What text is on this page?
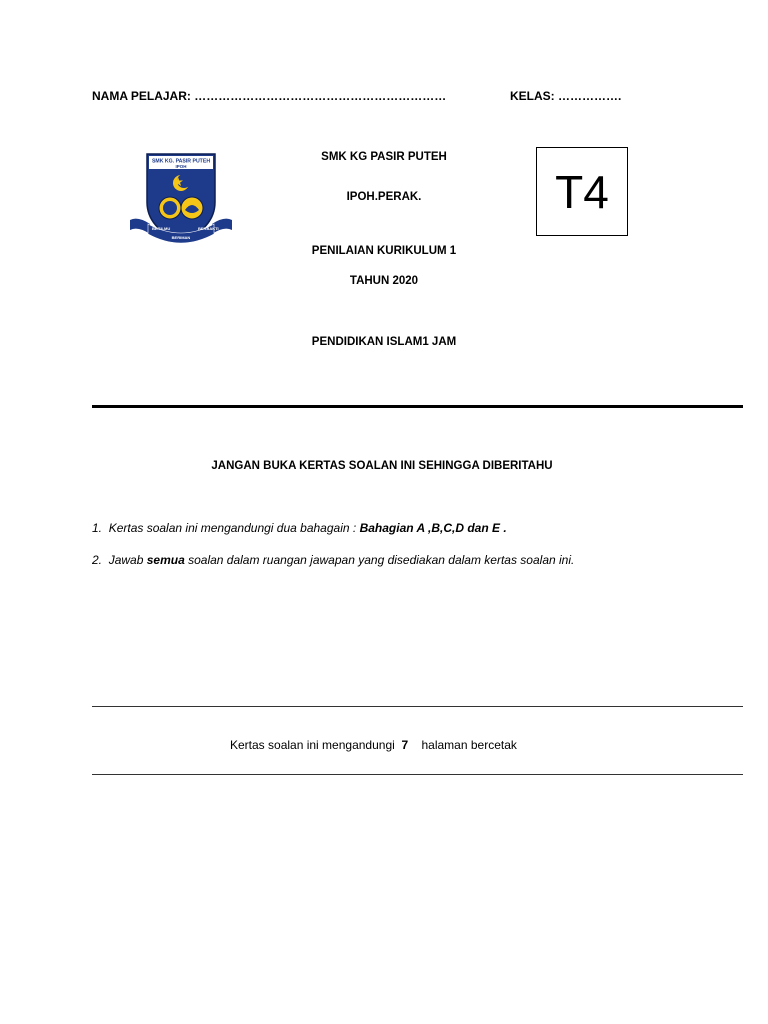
NAMA PELAJAR: ………………………………………………………	KELAS: …………….
SMK KG. PASIR PUTEH
IPOH
BERILMU
BERIMAN
BERBAKTI
SMK KG PASIR PUTEH
IPOH.PERAK.
PENILAIAN KURIKULUM 1
TAHUN 2020
PENDIDIKAN ISLAM1 JAM
T4
JANGAN BUKA KERTAS SOALAN INI SEHINGGA DIBERITAHU
1. Kertas soalan ini mengandungi dua bahagain : Bahagian A ,B,C,D dan E .
2. Jawab semua soalan dalam ruangan jawapan yang disediakan dalam kertas soalan ini.
Kertas soalan ini mengandungi 7 halaman bercetak
